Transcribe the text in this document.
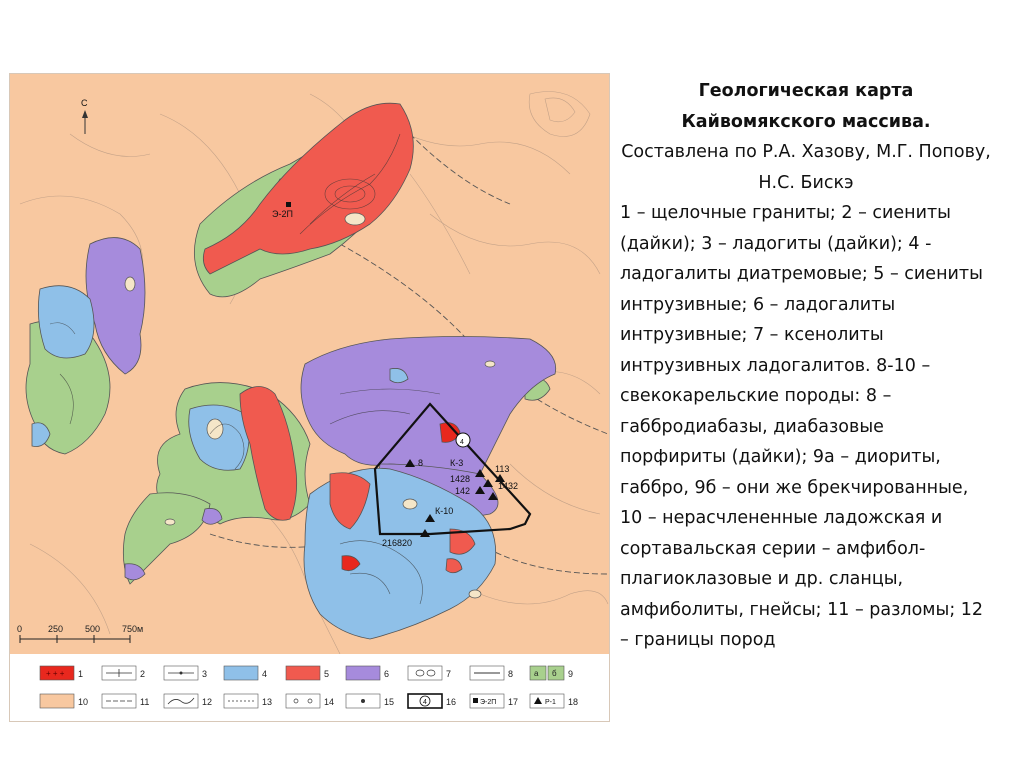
С
Э-2П
4
К-3
113
1428
1432
142
8
К-10
2168 20
0	250 500 750м
+ + + 1	2	3	4	5	6	7	8	а б 9
10	11	12	13	14	15	4 16	Э-2П 17	Р-1 18
Геологическая карта
Кайвомякского массива.
Составлена по Р.А. Хазову, М.Г. Попову, Н.С. Бискэ
1 – щелочные граниты; 2 – сиениты (дайки); 3 – ладогиты (дайки); 4 - ладогалиты диатремовые; 5 – сиениты интрузивные; 6 – ладогалиты интрузивные; 7 – ксенолиты интрузивных ладогалитов. 8-10 – свекокарельские породы: 8 – габбродиабазы, диабазовые порфириты (дайки); 9а – диориты, габбро, 9б – они же брекчированные, 10 – нерасчлененные ладожская и сортавальская серии – амфибол-плагиоклазовые и др. сланцы, амфиболиты, гнейсы; 11 – разломы; 12 – границы пород
